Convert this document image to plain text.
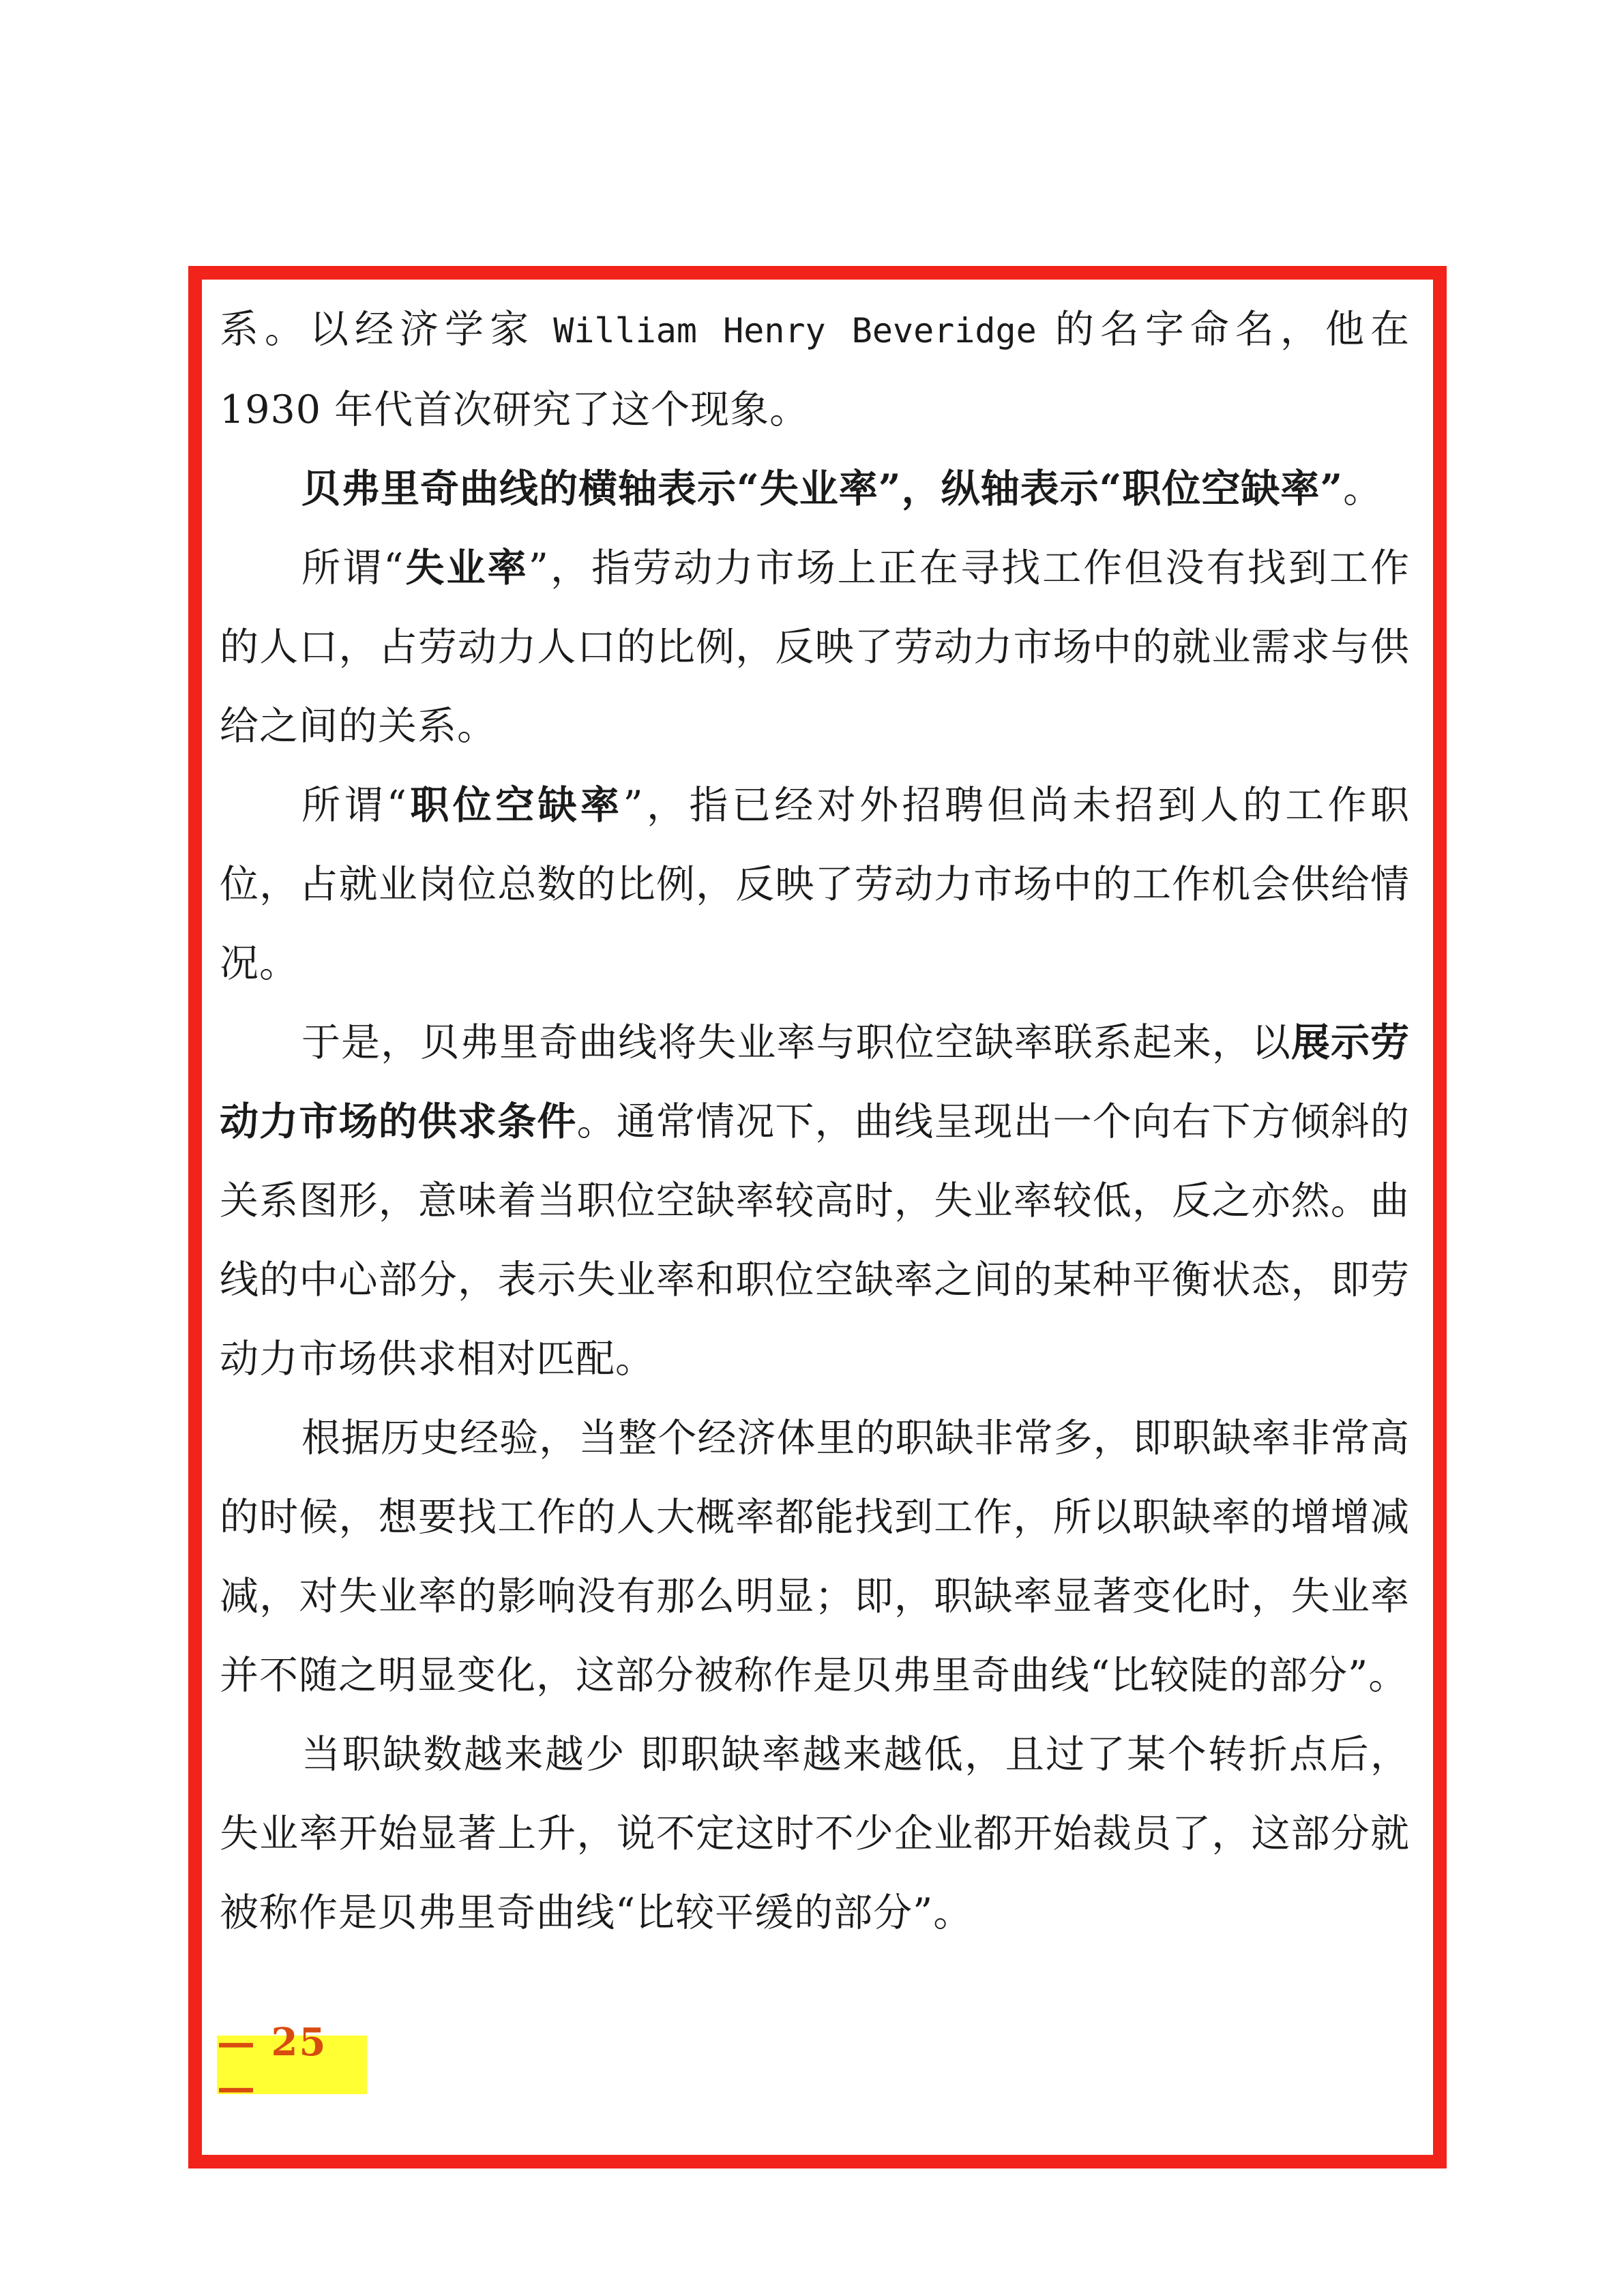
系。以经济学家 William Henry Beveridge 的名字命名，他在 1930 年代首次研究了这个现象。

贝弗里奇曲线的横轴表示“失业率”，纵轴表示“职位空缺率”。

所谓“失业率”，指劳动力市场上正在寻找工作但没有找到工作的人口，占劳动力人口的比例，反映了劳动力市场中的就业需求与供给之间的关系。

所谓“职位空缺率”，指已经对外招聘但尚未招到人的工作职位，占就业岗位总数的比例，反映了劳动力市场中的工作机会供给情况。

于是，贝弗里奇曲线将失业率与职位空缺率联系起来，以展示劳动力市场的供求条件。通常情况下，曲线呈现出一个向右下方倾斜的关系图形，意味着当职位空缺率较高时，失业率较低，反之亦然。曲线的中心部分，表示失业率和职位空缺率之间的某种平衡状态，即劳动力市场供求相对匹配。

根据历史经验，当整个经济体里的职缺非常多，即职缺率非常高的时候，想要找工作的人大概率都能找到工作，所以职缺率的增增减减，对失业率的影响没有那么明显；即，职缺率显著变化时，失业率并不随之明显变化，这部分被称作是贝弗里奇曲线“比较陡的部分”。

当职缺数越来越少 即职缺率越来越低，且过了某个转折点后，失业率开始显著上升，说不定这时不少企业都开始裁员了，这部分就被称作是贝弗里奇曲线“比较平缓的部分”。

— 25 —
